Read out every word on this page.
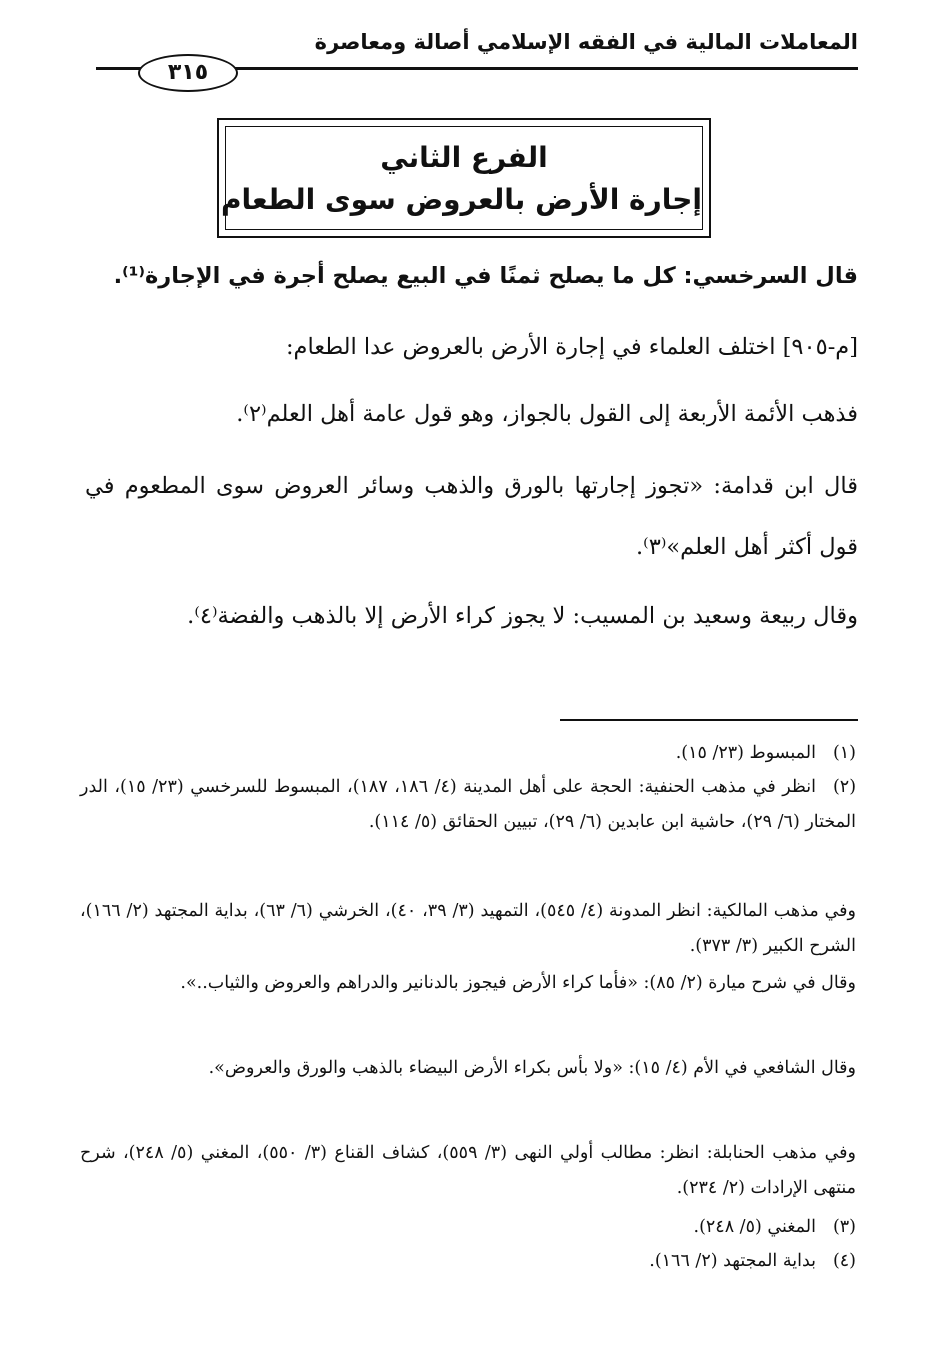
المعاملات المالية في الفقه الإسلامي أصالة ومعاصرة
٣١٥
الفرع الثاني
إجارة الأرض بالعروض سوى الطعام
قال السرخسي: كل ما يصلح ثمنًا في البيع يصلح أجرة في الإجارة⁽¹⁾.
[م-٩٠٥] اختلف العلماء في إجارة الأرض بالعروض عدا الطعام:
فذهب الأئمة الأربعة إلى القول بالجواز، وهو قول عامة أهل العلم⁽٢⁾.
قال ابن قدامة: «تجوز إجارتها بالورق والذهب وسائر العروض سوى المطعوم في قول أكثر أهل العلم»⁽٣⁾.
وقال ربيعة وسعيد بن المسيب: لا يجوز كراء الأرض إلا بالذهب والفضة⁽٤⁾.
(١)المبسوط (٢٣/ ١٥).
(٢)انظر في مذهب الحنفية: الحجة على أهل المدينة (٤/ ١٨٦، ١٨٧)، المبسوط للسرخسي (٢٣/ ١٥)، الدر المختار (٦/ ٢٩)، حاشية ابن عابدين (٦/ ٢٩)، تبيين الحقائق (٥/ ١١٤).
وفي مذهب المالكية: انظر المدونة (٤/ ٥٤٥)، التمهيد (٣/ ٣٩، ٤٠)، الخرشي (٦/ ٦٣)، بداية المجتهد (٢/ ١٦٦)، الشرح الكبير (٣/ ٣٧٣).
وقال في شرح ميارة (٢/ ٨٥): «فأما كراء الأرض فيجوز بالدنانير والدراهم والعروض والثياب..».
وقال الشافعي في الأم (٤/ ١٥): «ولا بأس بكراء الأرض البيضاء بالذهب والورق والعروض».
وفي مذهب الحنابلة: انظر: مطالب أولي النهى (٣/ ٥٥٩)، كشاف القناع (٣/ ٥٥٠)، المغني (٥/ ٢٤٨)، شرح منتهى الإرادات (٢/ ٢٣٤).
(٣)المغني (٥/ ٢٤٨).
(٤)بداية المجتهد (٢/ ١٦٦).
